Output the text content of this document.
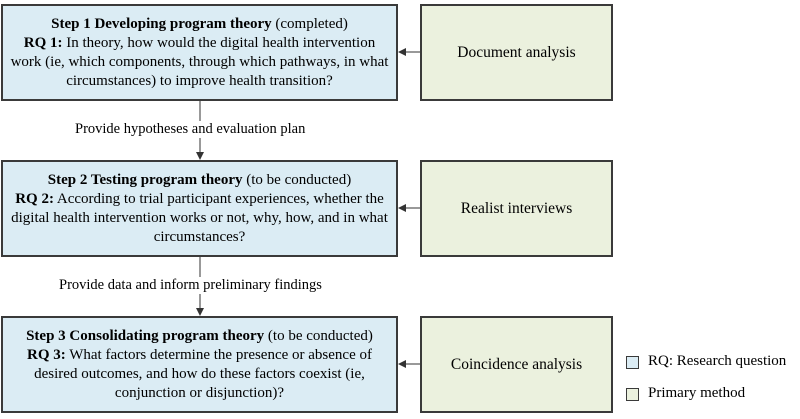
Step 1 Developing program theory (completed)
RQ 1: In theory, how would the digital health intervention work (ie, which components, through which pathways, in what circumstances) to improve health transition?
Document analysis
Provide hypotheses and evaluation plan
Step 2 Testing program theory (to be conducted)
RQ 2: According to trial participant experiences, whether the digital health intervention works or not, why, how, and in what circumstances?
Realist interviews
Provide data and inform preliminary findings
Step 3 Consolidating program theory (to be conducted)
RQ 3: What factors determine the presence or absence of desired outcomes, and how do these factors coexist (ie, conjunction or disjunction)?
Coincidence analysis	RQ: Research question
Primary method
